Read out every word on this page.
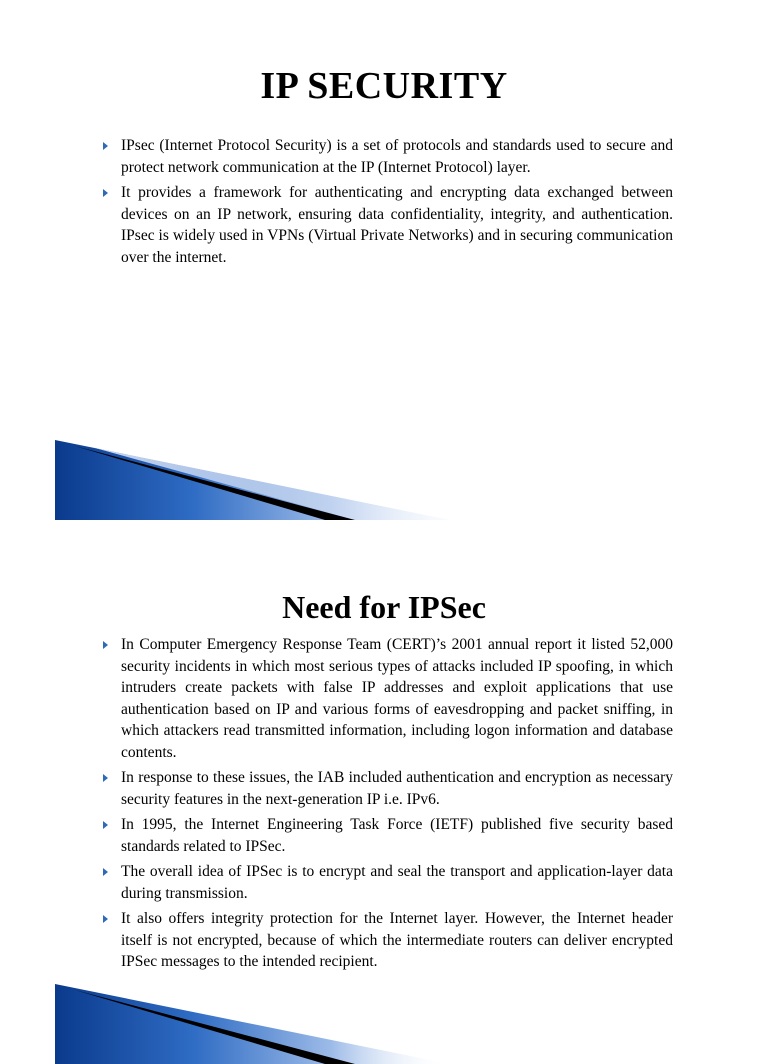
IP SECURITY
IPsec (Internet Protocol Security) is a set of protocols and standards used to secure and protect network communication at the IP (Internet Protocol) layer.
It provides a framework for authenticating and encrypting data exchanged between devices on an IP network, ensuring data confidentiality, integrity, and authentication. IPsec is widely used in VPNs (Virtual Private Networks) and in securing communication over the internet.
Need for IPSec
In Computer Emergency Response Team (CERT)’s 2001 annual report it listed 52,000 security incidents in which most serious types of attacks included IP spoofing, in which intruders create packets with false IP addresses and exploit applications that use authentication based on IP and various forms of eavesdropping and packet sniffing, in which attackers read transmitted information, including logon information and database contents.
In response to these issues, the IAB included authentication and encryption as necessary security features in the next-generation IP i.e. IPv6.
In 1995, the Internet Engineering Task Force (IETF) published five security based standards related to IPSec.
The overall idea of IPSec is to encrypt and seal the transport and application-layer data during transmission.
It also offers integrity protection for the Internet layer. However, the Internet header itself is not encrypted, because of which the intermediate routers can deliver encrypted IPSec messages to the intended recipient.
